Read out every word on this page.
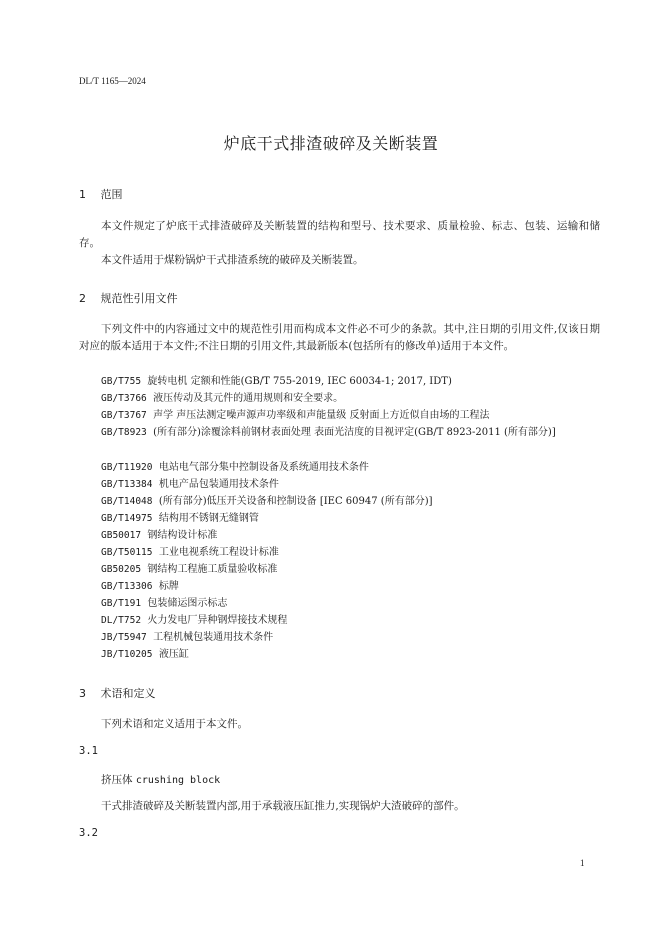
DL/T 1165—2024
炉底干式排渣破碎及关断装置
1 范围
本文件规定了炉底干式排渣破碎及关断装置的结构和型号、技术要求、质量检验、标志、包装、运输和储存。
本文件适用于煤粉锅炉干式排渣系统的破碎及关断装置。
2 规范性引用文件
下列文件中的内容通过文中的规范性引用而构成本文件必不可少的条款。其中,注日期的引用文件,仅该日期对应的版本适用于本文件;不注日期的引用文件,其最新版本(包括所有的修改单)适用于本文件。
GB/T755 旋转电机 定额和性能(GB/T 755-2019, IEC 60034-1; 2017, IDT)
GB/T3766 液压传动及其元件的通用规则和安全要求。
GB/T3767 声学 声压法测定噪声源声功率级和声能量级 反射面上方近似自由场的工程法
GB/T8923 (所有部分)涂覆涂料前钢材表面处理 表面光洁度的目视评定(GB/T 8923-2011 (所有部分)]
GB/T11920 电站电气部分集中控制设备及系统通用技术条件
GB/T13384 机电产品包装通用技术条件
GB/T14048 (所有部分)低压开关设备和控制设备 [IEC 60947 (所有部分)]
GB/T14975 结构用不锈钢无缝钢管
GB50017 钢结构设计标准
GB/T50115 工业电视系统工程设计标准
GB50205 钢结构工程施工质量验收标准
GB/T13306 标牌
GB/T191 包装储运图示标志
DL/T752 火力发电厂异种钢焊接技术规程
JB/T5947 工程机械包装通用技术条件
JB/T10205 液压缸
3 术语和定义
下列术语和定义适用于本文件。
3.1
挤压体 crushing block
干式排渣破碎及关断装置内部,用于承载液压缸推力,实现锅炉大渣破碎的部件。
3.2
1
